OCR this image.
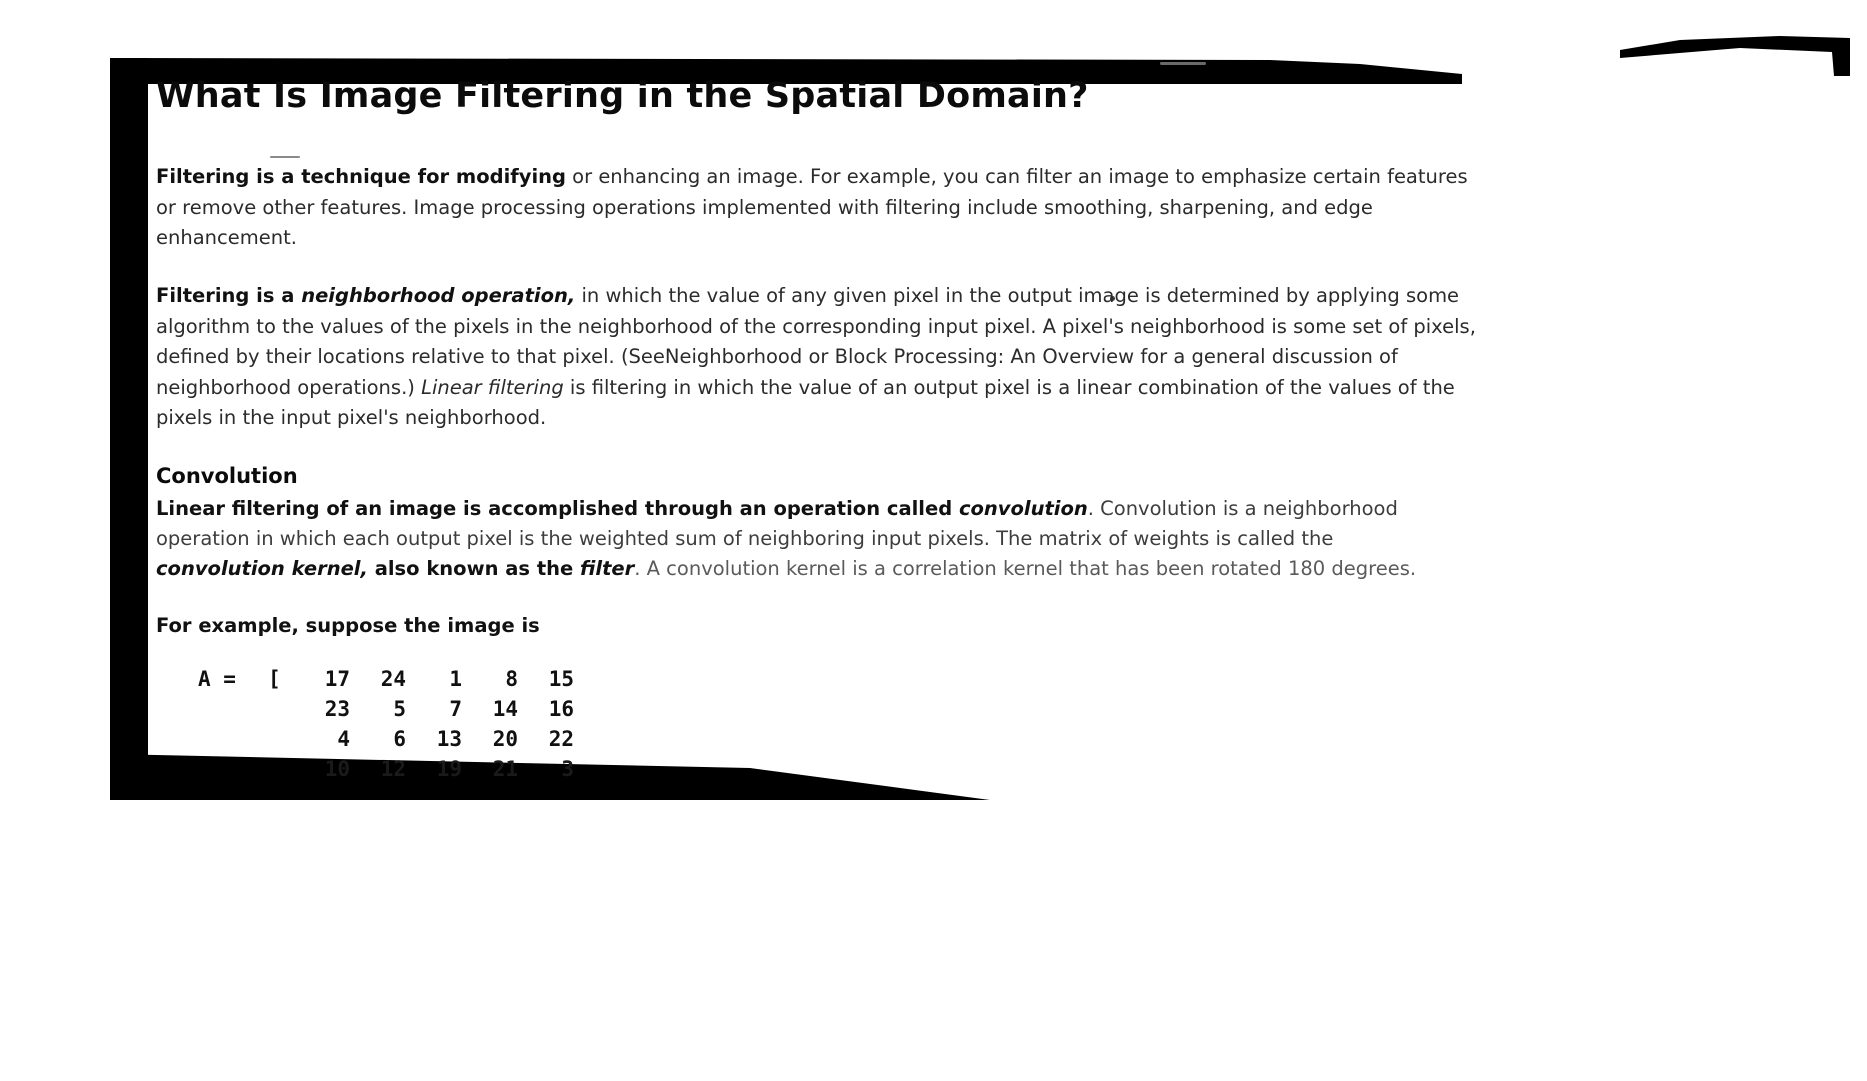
What Is Image Filtering in the Spatial Domain?

Filtering is a technique for modifying or enhancing an image. For example, you can filter an image to emphasize certain features or remove other features. Image processing operations implemented with filtering include smoothing, sharpening, and edge enhancement.

Filtering is a neighborhood operation, in which the value of any given pixel in the output image is determined by applying some algorithm to the values of the pixels in the neighborhood of the corresponding input pixel. A pixel's neighborhood is some set of pixels, defined by their locations relative to that pixel. (SeeNeighborhood or Block Processing: An Overview for a general discussion of neighborhood operations.) Linear filtering is filtering in which the value of an output pixel is a linear combination of the values of the pixels in the input pixel's neighborhood.

Convolution

Linear filtering of an image is accomplished through an operation called convolution. Convolution is a neighborhood operation in which each output pixel is the weighted sum of neighboring input pixels. The matrix of weights is called the convolution kernel, also known as the filter. A convolution kernel is a correlation kernel that has been rotated 180 degrees.

For example, suppose the image is

A = [ 17 24 1 8 15
23 5 7 14 16
4 6 13 20 22
10 12 19 21 3
